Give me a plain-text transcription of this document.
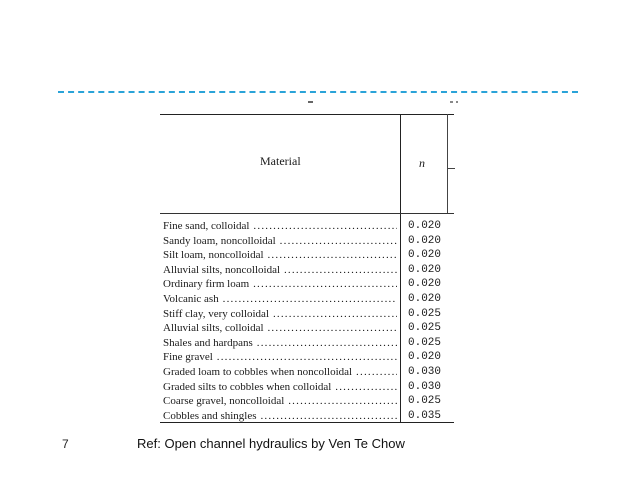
Material	n
Fine sand, colloidal .....	0.020
Sandy loam, noncolloidal .....	0.020
Silt loam, noncolloidal .....	0.020
Alluvial silts, noncolloidal .....	0.020
Ordinary firm loam .....	0.020
Volcanic ash .....	0.020
Stiff clay, very colloidal .....	0.025
Alluvial silts, colloidal .....	0.025
Shales and hardpans .....	0.025
Fine gravel .....	0.020
Graded loam to cobbles when noncolloidal .....	0.030
Graded silts to cobbles when colloidal .....	0.030
Coarse gravel, noncolloidal .....	0.025
Cobbles and shingles .....	0.035
7	Ref: Open channel hydraulics by Ven Te Chow
